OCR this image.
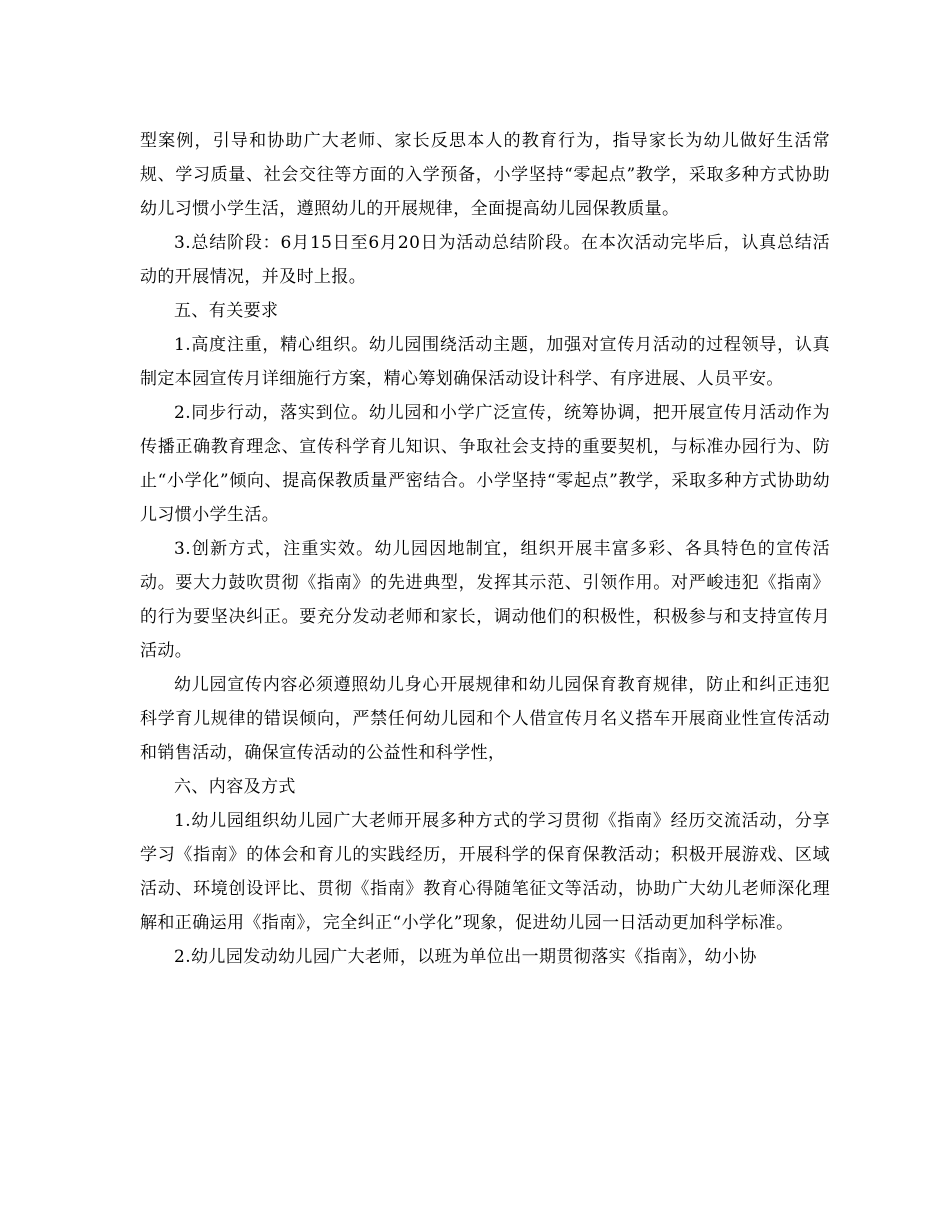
型案例，引导和协助广大老师、家长反思本人的教育行为，指导家长为幼儿做好生活常规、学习质量、社会交往等方面的入学预备，小学坚持“零起点”教学，采取多种方式协助幼儿习惯小学生活，遵照幼儿的开展规律，全面提高幼儿园保教质量。

3.总结阶段：6月15日至6月20日为活动总结阶段。在本次活动完毕后，认真总结活动的开展情况，并及时上报。

五、有关要求

1.高度注重，精心组织。幼儿园围绕活动主题，加强对宣传月活动的过程领导，认真制定本园宣传月详细施行方案，精心筹划确保活动设计科学、有序进展、人员平安。

2.同步行动，落实到位。幼儿园和小学广泛宣传，统筹协调，把开展宣传月活动作为传播正确教育理念、宣传科学育儿知识、争取社会支持的重要契机，与标准办园行为、防止“小学化”倾向、提高保教质量严密结合。小学坚持“零起点”教学，采取多种方式协助幼儿习惯小学生活。

3.创新方式，注重实效。幼儿园因地制宜，组织开展丰富多彩、各具特色的宣传活动。要大力鼓吹贯彻《指南》的先进典型，发挥其示范、引领作用。对严峻违犯《指南》的行为要坚决纠正。要充分发动老师和家长，调动他们的积极性，积极参与和支持宣传月活动。

幼儿园宣传内容必须遵照幼儿身心开展规律和幼儿园保育教育规律，防止和纠正违犯科学育儿规律的错误倾向，严禁任何幼儿园和个人借宣传月名义搭车开展商业性宣传活动和销售活动，确保宣传活动的公益性和科学性，

六、内容及方式

1.幼儿园组织幼儿园广大老师开展多种方式的学习贯彻《指南》经历交流活动，分享学习《指南》的体会和育儿的实践经历，开展科学的保育保教活动；积极开展游戏、区域活动、环境创设评比、贯彻《指南》教育心得随笔征文等活动，协助广大幼儿老师深化理解和正确运用《指南》，完全纠正“小学化”现象，促进幼儿园一日活动更加科学标准。

2.幼儿园发动幼儿园广大老师，以班为单位出一期贯彻落实《指南》，幼小协
